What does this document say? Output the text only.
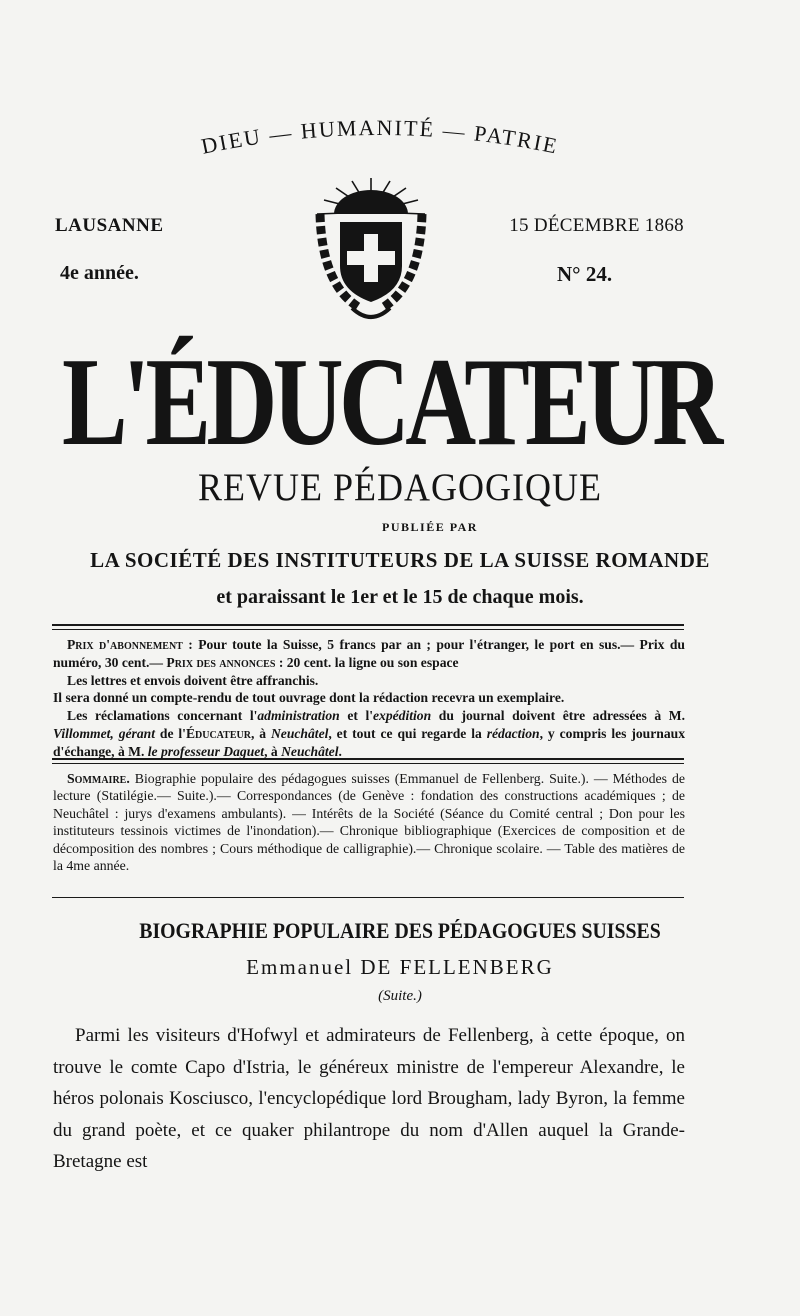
DIEU — HUMANITÉ — PATRIE
LAUSANNE	15 DÉCEMBRE 1868
4e année.	N° 24.
L'ÉDUCATEUR
REVUE PÉDAGOGIQUE
PUBLIÉE PAR
LA SOCIÉTÉ DES INSTITUTEURS DE LA SUISSE ROMANDE
et paraissant le 1er et le 15 de chaque mois.

Prix d'abonnement : Pour toute la Suisse, 5 francs par an ; pour l'étranger, le port en sus.— Prix du numéro, 30 cent.— Prix des annonces : 20 cent. la ligne ou son espace

Les lettres et envois doivent être affranchis.

Il sera donné un compte-rendu de tout ouvrage dont la rédaction recevra un exemplaire.

Les réclamations concernant l'administration et l'expédition du journal doivent être adressées à M. Villommet, gérant de l'Éducateur, à Neuchâtel, et tout ce qui regarde la rédaction, y compris les journaux d'échange, à M. le professeur Daguet, à Neuchâtel.

Sommaire. Biographie populaire des pédagogues suisses (Emmanuel de Fellenberg. Suite.). — Méthodes de lecture (Statilégie.— Suite.).— Correspondances (de Genève : fondation des constructions académiques ; de Neuchâtel : jurys d'examens ambulants). — Intérêts de la Société (Séance du Comité central ; Don pour les instituteurs tessinois victimes de l'inondation).— Chronique bibliographique (Exercices de composition et de décomposition des nombres ; Cours méthodique de calligraphie).— Chronique scolaire. — Table des matières de la 4me année.

BIOGRAPHIE POPULAIRE DES PÉDAGOGUES SUISSES
Emmanuel DE FELLENBERG
(Suite.)

Parmi les visiteurs d'Hofwyl et admirateurs de Fellenberg, à cette époque, on trouve le comte Capo d'Istria, le généreux ministre de l'empereur Alexandre, le héros polonais Kosciusco, l'encyclopédique lord Brougham, lady Byron, la femme du grand poète, et ce quaker philantrope du nom d'Allen auquel la Grande-Bretagne est
